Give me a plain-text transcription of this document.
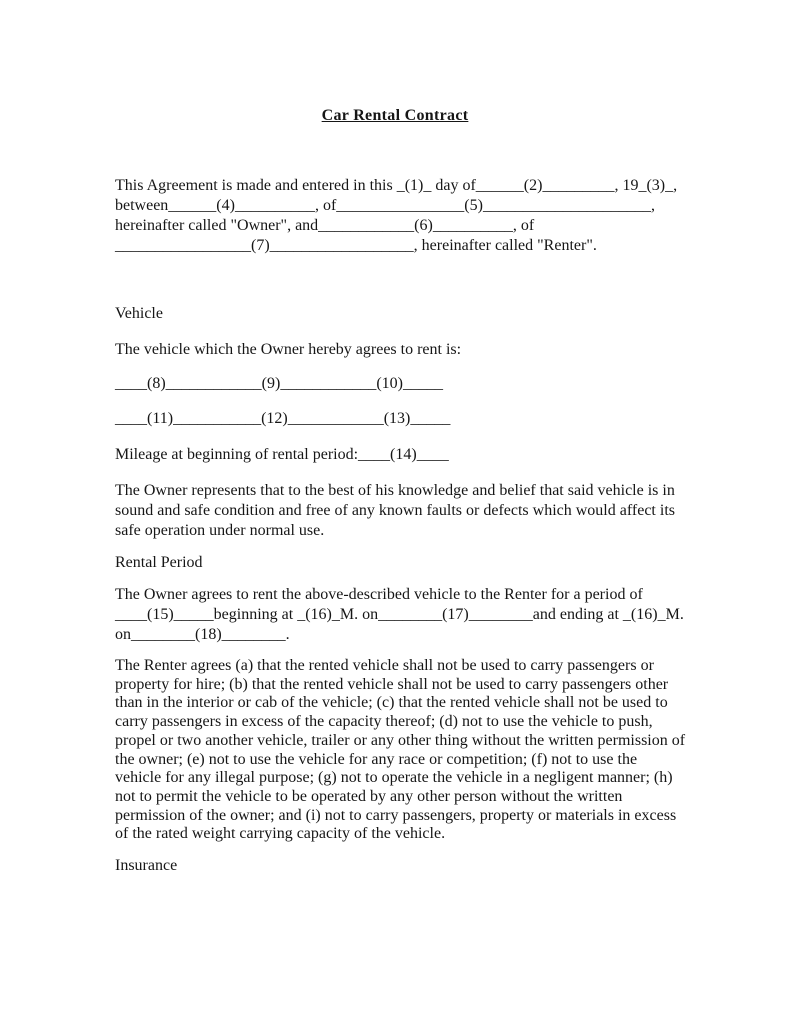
Car Rental Contract
This Agreement is made and entered in this _(1)_ day of______(2)_________, 19_(3)_,
between______(4)__________, of________________(5)_____________________,
hereinafter called "Owner", and____________(6)__________, of
_________________(7)__________________, hereinafter called "Renter".
Vehicle
The vehicle which the Owner hereby agrees to rent is:
____(8)____________(9)____________(10)_____
____(11)___________(12)____________(13)_____
Mileage at beginning of rental period:____(14)____
The Owner represents that to the best of his knowledge and belief that said vehicle is in
sound and safe condition and free of any known faults or defects which would affect its
safe operation under normal use.
Rental Period
The Owner agrees to rent the above-described vehicle to the Renter for a period of
____(15)_____beginning at _(16)_M. on________(17)________and ending at _(16)_M.
on________(18)________.
The Renter agrees (a) that the rented vehicle shall not be used to carry passengers or
property for hire; (b) that the rented vehicle shall not be used to carry passengers other
than in the interior or cab of the vehicle; (c) that the rented vehicle shall not be used to
carry passengers in excess of the capacity thereof; (d) not to use the vehicle to push,
propel or two another vehicle, trailer or any other thing without the written permission of
the owner; (e) not to use the vehicle for any race or competition; (f) not to use the
vehicle for any illegal purpose; (g) not to operate the vehicle in a negligent manner; (h)
not to permit the vehicle to be operated by any other person without the written
permission of the owner; and (i) not to carry passengers, property or materials in excess
of the rated weight carrying capacity of the vehicle.
Insurance
